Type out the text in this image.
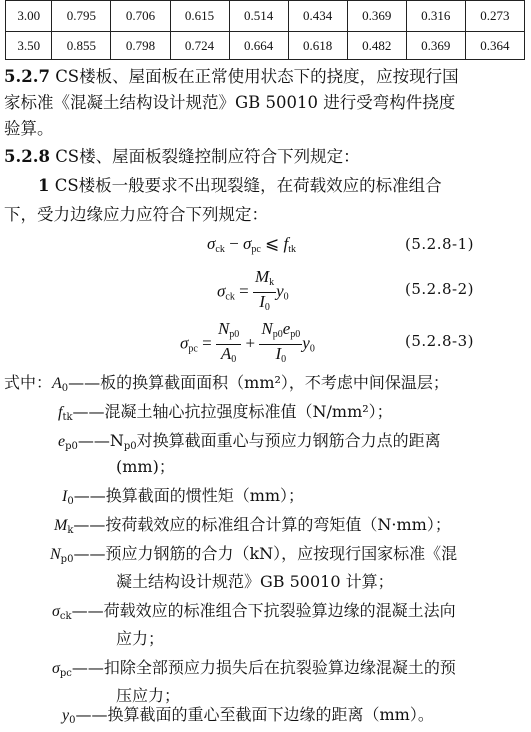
3.00	0.795	0.706	0.615	0.514	0.434	0.369	0.316	0.273
3.50	0.855	0.798	0.724	0.664	0.618	0.482	0.369	0.364
5.2.7 CS楼板、屋面板在正常使用状态下的挠度，应按现行国
家标准《混凝土结构设计规范》GB 50010 进行受弯构件挠度
验算。
5.2.8 CS楼、屋面板裂缝控制应符合下列规定：
1 CS楼板一般要求不出现裂缝，在荷载效应的标准组合
下，受力边缘应力应符合下列规定：
$\sigma_{ck} - \sigma_{pc}$ ⩽ $f_{tk}$	(5.2.8-1)
$\sigma_{ck} = \frac{M_k}{I_0} y_0$	(5.2.8-2)
$\sigma_{pc} = \frac{N_{p0}}{A_0} + \frac{N_{p0}e_{p0}}{I_0} y_0$	(5.2.8-3)
式中： $A_0——$板的换算截面面积（mm²），不考虑中间保温层；
$f_{tk}——$混凝土轴心抗拉强度标准值（N/mm²）；
$e_{p0}——N_{p0}$对换算截面重心与预应力钢筋合力点的距离
(mm)；
$I_0——$换算截面的惯性矩（mm）；
$M_k——$按荷载效应的标准组合计算的弯矩值（N·mm）；
$N_{p0}——$预应力钢筋的合力（kN），应按现行国家标准《混
凝土结构设计规范》GB 50010 计算；
$\sigma_{ck}——$荷载效应的标准组合下抗裂验算边缘的混凝土法向
应力；
$\sigma_{pc}——$扣除全部预应力损失后在抗裂验算边缘混凝土的预
压应力；
$y_0——$换算截面的重心至截面下边缘的距离（mm）。
